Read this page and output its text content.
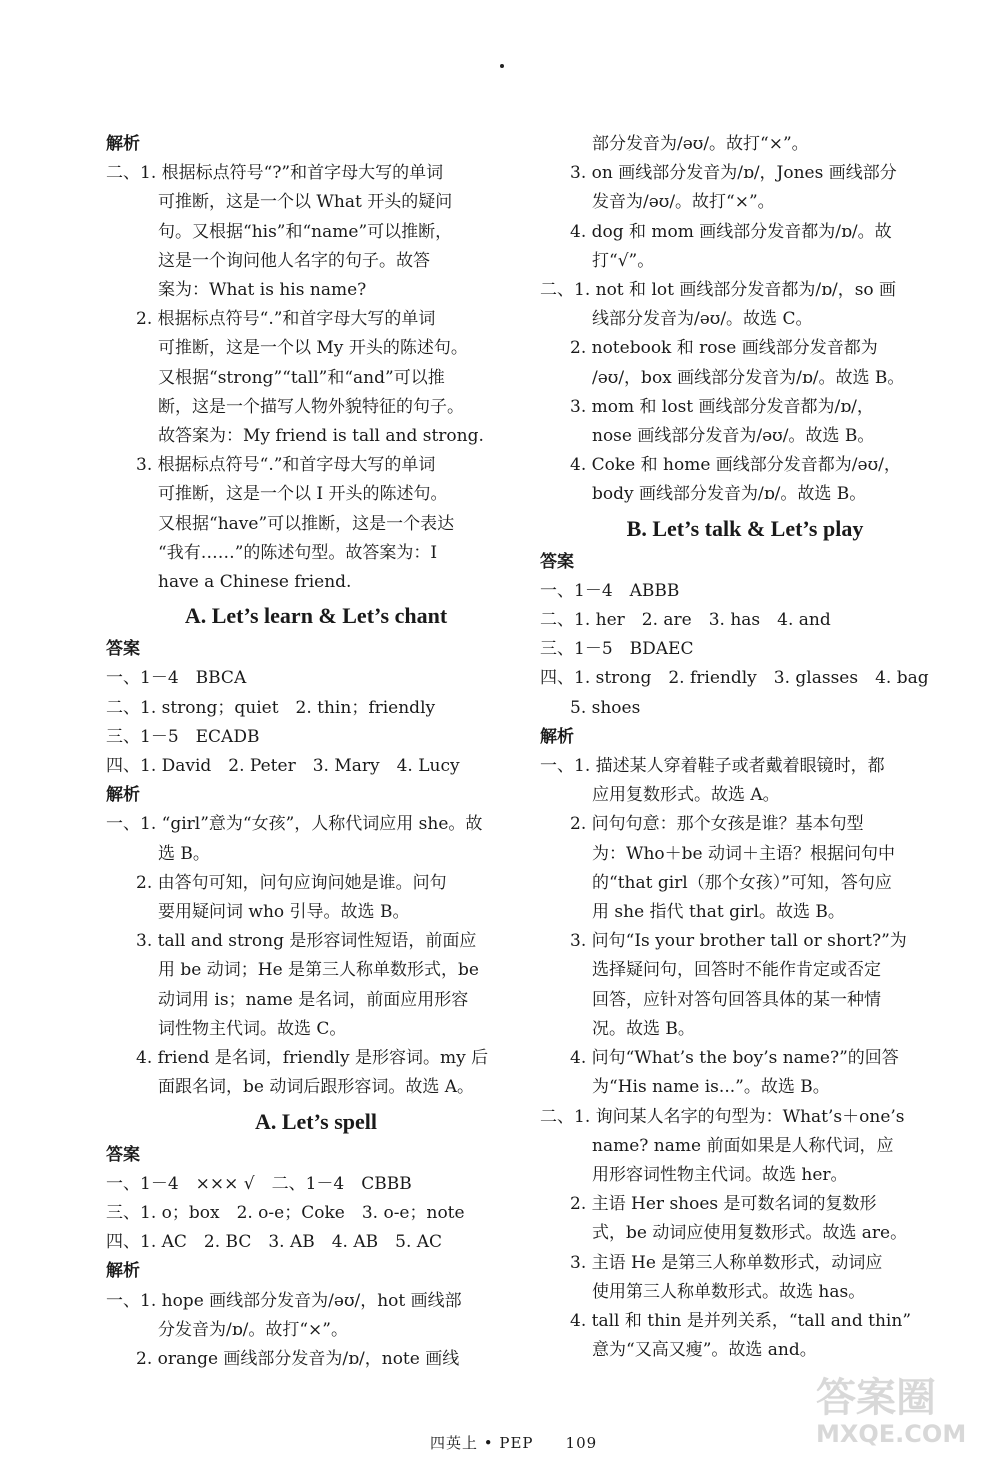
解析
二、1. 根据标点符号“?”和首字母大写的单词
可推断，这是一个以 What 开头的疑问
句。又根据“his”和“name”可以推断，
这是一个询问他人名字的句子。故答
案为：What is his name?
2. 根据标点符号“.”和首字母大写的单词
可推断，这是一个以 My 开头的陈述句。
又根据“strong”“tall”和“and”可以推
断，这是一个描写人物外貌特征的句子。
故答案为：My friend is tall and strong.
3. 根据标点符号“.”和首字母大写的单词
可推断，这是一个以 I 开头的陈述句。
又根据“have”可以推断，这是一个表达
“我有……”的陈述句型。故答案为：I
have a Chinese friend.
A. Let’s learn & Let’s chant
答案
一、1－4　BBCA
二、1. strong；quiet　2. thin；friendly
三、1－5　ECADB
四、1. David　2. Peter　3. Mary　4. Lucy
解析
一、1. “girl”意为“女孩”，人称代词应用 she。故
选 B。
2. 由答句可知，问句应询问她是谁。问句
要用疑问词 who 引导。故选 B。
3. tall and strong 是形容词性短语，前面应
用 be 动词；He 是第三人称单数形式，be
动词用 is；name 是名词，前面应用形容
词性物主代词。故选 C。
4. friend 是名词，friendly 是形容词。my 后
面跟名词，be 动词后跟形容词。故选 A。
A. Let’s spell
答案
一、1－4　××× √　二、1－4　CBBB
三、1. o；box　2. o-e；Coke　3. o-e；note
四、1. AC　2. BC　3. AB　4. AB　5. AC
解析
一、1. hope 画线部分发音为/əʊ/，hot 画线部
分发音为/ɒ/。故打“×”。
2. orange 画线部分发音为/ɒ/，note 画线
部分发音为/əʊ/。故打“×”。
3. on 画线部分发音为/ɒ/，Jones 画线部分
发音为/əʊ/。故打“×”。
4. dog 和 mom 画线部分发音都为/ɒ/。故
打“√”。
二、1. not 和 lot 画线部分发音都为/ɒ/，so 画
线部分发音为/əʊ/。故选 C。
2. notebook 和 rose 画线部分发音都为
/əʊ/，box 画线部分发音为/ɒ/。故选 B。
3. mom 和 lost 画线部分发音都为/ɒ/，
nose 画线部分发音为/əʊ/。故选 B。
4. Coke 和 home 画线部分发音都为/əʊ/，
body 画线部分发音为/ɒ/。故选 B。
B. Let’s talk & Let’s play
答案
一、1－4　ABBB
二、1. her　2. are　3. has　4. and
三、1－5　BDAEC
四、1. strong　2. friendly　3. glasses　4. bag
5. shoes
解析
一、1. 描述某人穿着鞋子或者戴着眼镜时，都
应用复数形式。故选 A。
2. 问句句意：那个女孩是谁？基本句型
为：Who＋be 动词＋主语？根据问句中
的“that girl（那个女孩）”可知，答句应
用 she 指代 that girl。故选 B。
3. 问句“Is your brother tall or short?”为
选择疑问句，回答时不能作肯定或否定
回答，应针对答句回答具体的某一种情
况。故选 B。
4. 问句“What’s the boy’s name?”的回答
为“His name is...”。故选 B。
二、1. 询问某人名字的句型为：What’s＋one’s
name? name 前面如果是人称代词，应
用形容词性物主代词。故选 her。
2. 主语 Her shoes 是可数名词的复数形
式，be 动词应使用复数形式。故选 are。
3. 主语 He 是第三人称单数形式，动词应
使用第三人称单数形式。故选 has。
4. tall 和 thin 是并列关系，“tall and thin”
意为“又高又瘦”。故选 and。
四英上 • PEP　　109
答案圈
MXQE.COM
